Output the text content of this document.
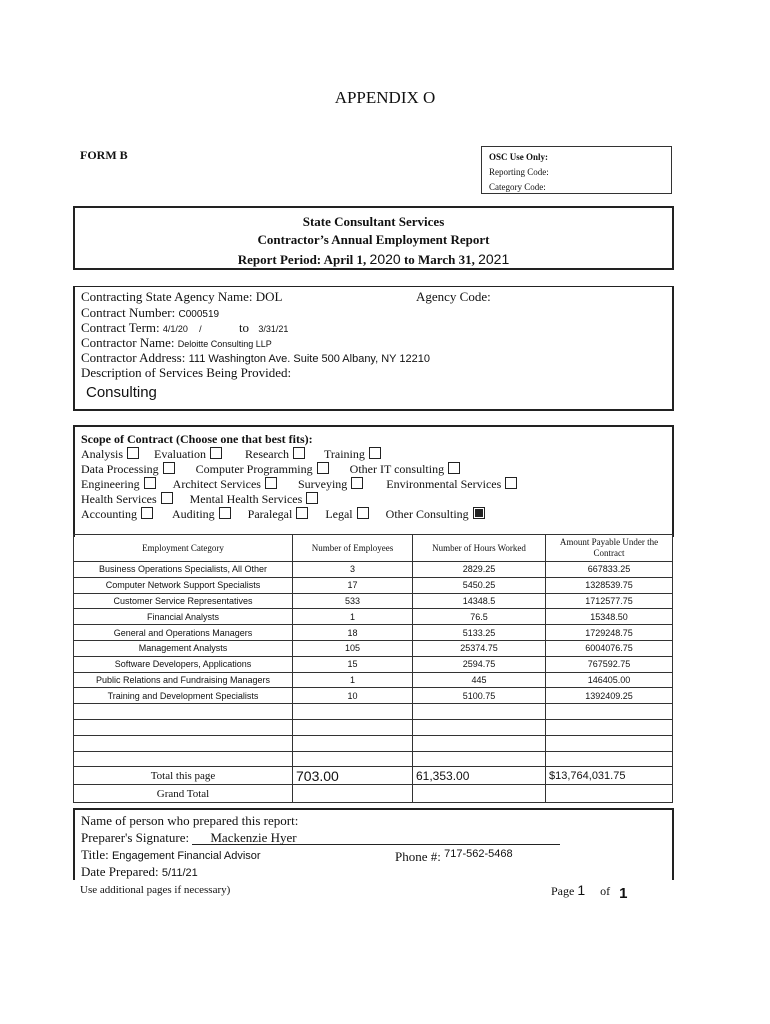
APPENDIX O
FORM B	OSC Use Only:
Reporting Code:
Category Code:
State Consultant Services
Contractor’s Annual Employment Report
Report Period: April 1, 2020 to March 31, 2021
Contracting State Agency Name: DOL	Agency Code:
Contract Number: C000519
Contract Term: 4/1/20 /	to 3/31/21
Contractor Name: Deloitte Consulting LLP
Contractor Address: 111 Washington Ave. Suite 500 Albany, NY 12210
Description of Services Being Provided:
Consulting
Scope of Contract (Choose one that best fits):
Analysis	Evaluation	Research	Training
Data Processing	Computer Programming	Other IT consulting
Engineering	Architect Services	Surveying	Environmental Services
Health Services	Mental Health Services
Accounting	Auditing	Paralegal	Legal	Other Consulting
Employment Category	Number of Employees	Number of Hours Worked	Amount Payable Under the Contract
Business Operations Specialists, All Other	3	2829.25	667833.25
Computer Network Support Specialists	17	5450.25	1328539.75
Customer Service Representatives	533	14348.5	1712577.75
Financial Analysts	1	76.5	15348.50
General and Operations Managers	18	5133.25	1729248.75
Management Analysts	105	25374.75	6004076.75
Software Developers, Applications	15	2594.75	767592.75
Public Relations and Fundraising Managers	1	445	146405.00
Training and Development Specialists	10	5100.75	1392409.25

Total this page	703.00	61,353.00	$13,764,031.75
Grand Total			
Name of person who prepared this report:
Preparer's Signature: Mackenzie Hyer
Title: Engagement Financial Advisor	Phone #: $^{717-562-5468}$
Date Prepared: 5/11/21
Use additional pages if necessary)	Page 1 of 1
